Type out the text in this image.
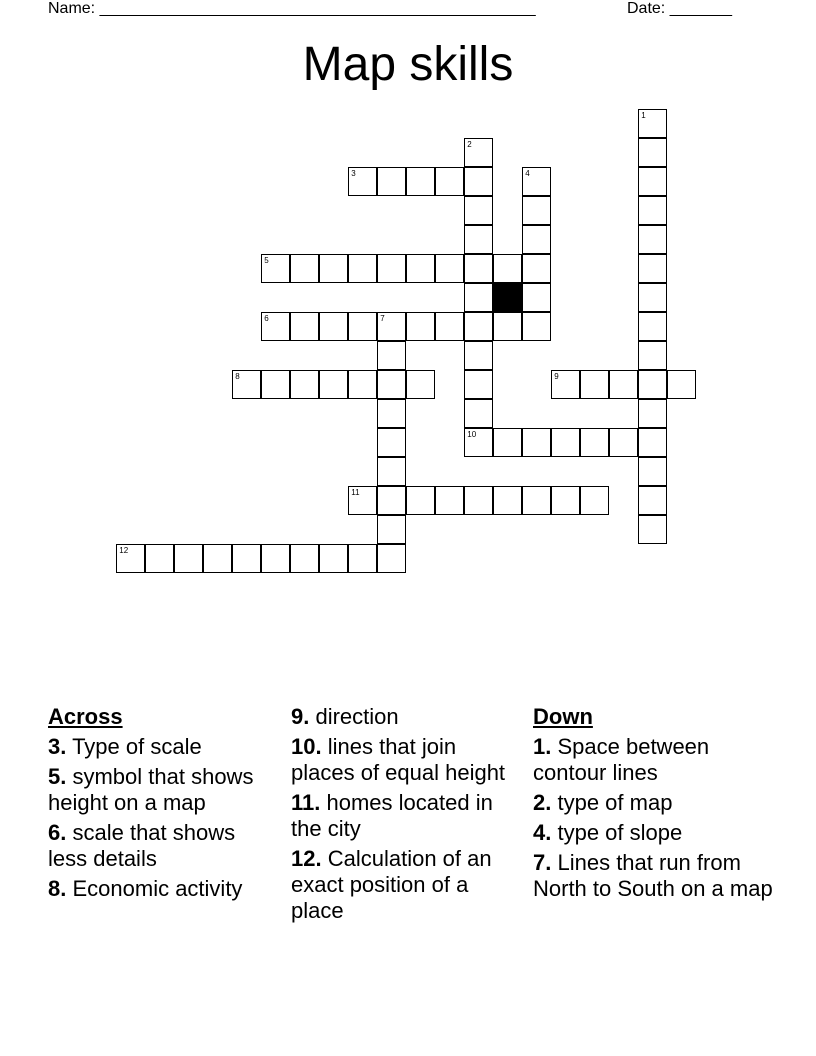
Name: _________________________________________________	Date: _______
Map skills
1
2
10
3	4
5
6	7
8	9
11
12
Across
3. Type of scale
5. symbol that shows height on a map
6. scale that shows less details
8. Economic activity
9. direction
10. lines that join places of equal height
11. homes located in the city
12. Calculation of an exact position of a place
Down
1. Space between contour lines
2. type of map
4. type of slope
7. Lines that run from North to South on a map
